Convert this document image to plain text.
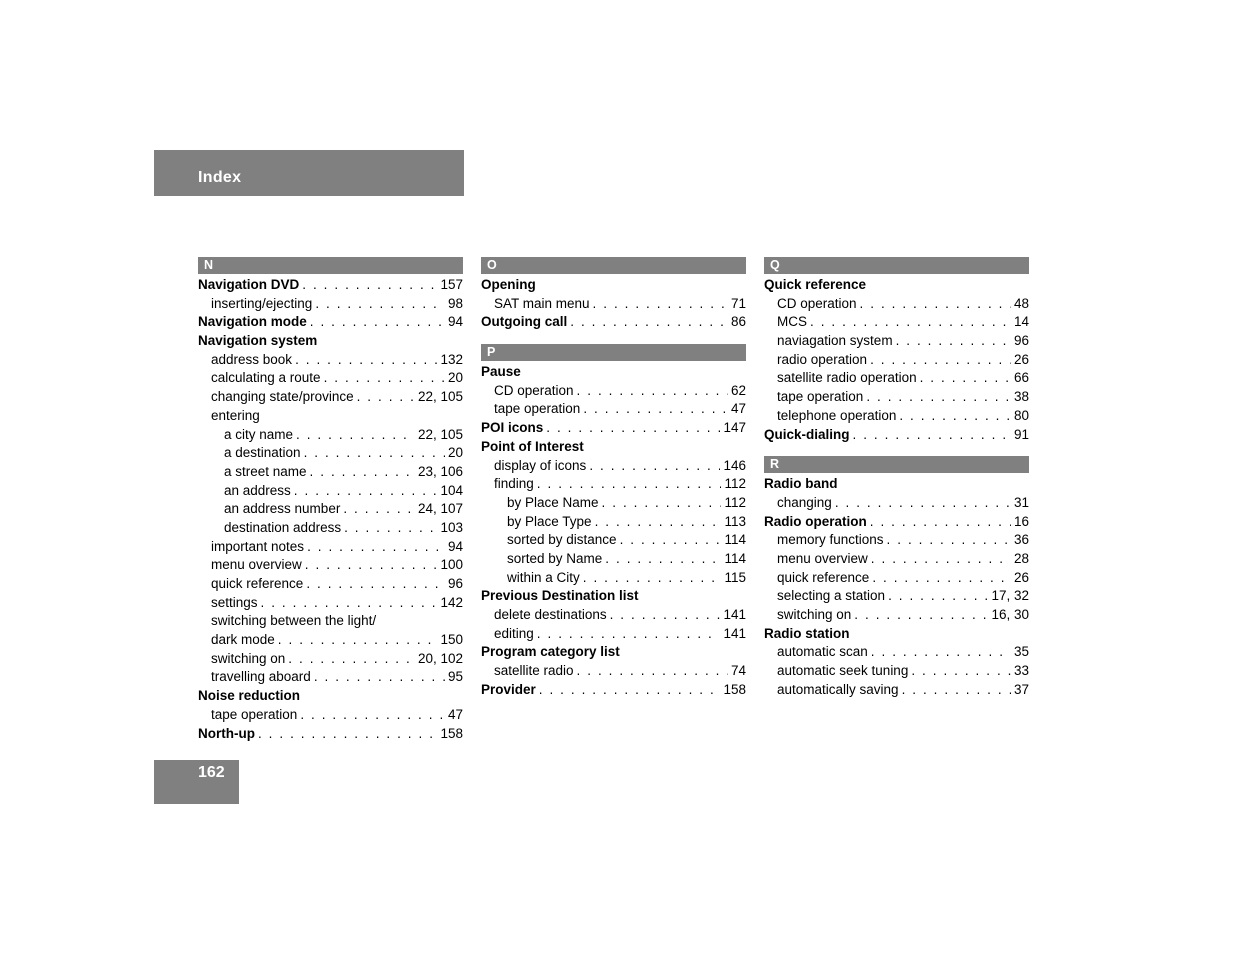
Index
N
Navigation DVD . . .	157
inserting/ejecting . . .	98
Navigation mode . . .	94
Navigation system
address book . . .	132
calculating a route . . .	20
changing state/province . . .	22, 105
entering
a city name . . .	22, 105
a destination . . .	20
a street name . . .	23, 106
an address . . .	104
an address number . . .	24, 107
destination address . . .	103
important notes . . .	94
menu overview . . .	100
quick reference . . .	96
settings . . .	142
switching between the light/
dark mode . . .	150
switching on . . .	20, 102
travelling aboard . . .	95
Noise reduction
tape operation . . .	47
North-up . . .	158
O
Opening
SAT main menu . . .	71
Outgoing call . . .	86
P
Pause
CD operation . . .	62
tape operation . . .	47
POI icons . . .	147
Point of Interest
display of icons . . .	146
finding . . .	112
by Place Name . . .	112
by Place Type . . .	113
sorted by distance . . .	114
sorted by Name . . .	114
within a City . . .	115
Previous Destination list
delete destinations . . .	141
editing . . .	141
Program category list
satellite radio . . .	74
Provider . . .	158
Q
Quick reference
CD operation . . .	48
MCS . . .	14
naviagation system . . .	96
radio operation . . .	26
satellite radio operation . . .	66
tape operation . . .	38
telephone operation . . .	80
Quick-dialing . . .	91
R
Radio band
changing . . .	31
Radio operation . . .	16
memory functions . . .	36
menu overview . . .	28
quick reference . . .	26
selecting a station . . .	17, 32
switching on . . .	16, 30
Radio station
automatic scan . . .	35
automatic seek tuning . . .	33
automatically saving . . .	37
162
